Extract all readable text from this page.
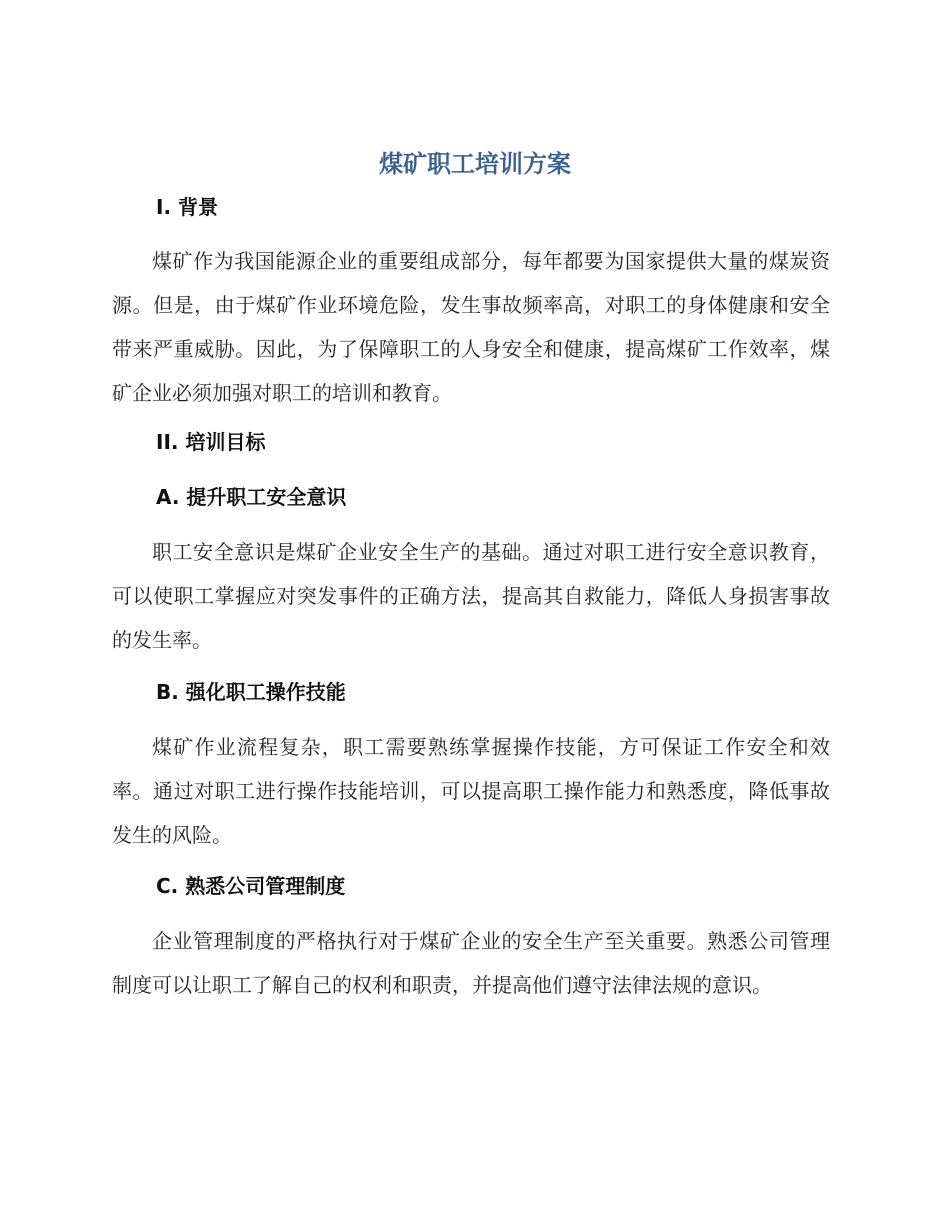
煤矿职工培训方案
I. 背景
煤矿作为我国能源企业的重要组成部分，每年都要为国家提供大量的煤炭资源。但是，由于煤矿作业环境危险，发生事故频率高，对职工的身体健康和安全带来严重威胁。因此，为了保障职工的人身安全和健康，提高煤矿工作效率，煤矿企业必须加强对职工的培训和教育。
II. 培训目标
A. 提升职工安全意识
职工安全意识是煤矿企业安全生产的基础。通过对职工进行安全意识教育，可以使职工掌握应对突发事件的正确方法，提高其自救能力，降低人身损害事故的发生率。
B. 强化职工操作技能
煤矿作业流程复杂，职工需要熟练掌握操作技能，方可保证工作安全和效率。通过对职工进行操作技能培训，可以提高职工操作能力和熟悉度，降低事故发生的风险。
C. 熟悉公司管理制度
企业管理制度的严格执行对于煤矿企业的安全生产至关重要。熟悉公司管理制度可以让职工了解自己的权利和职责，并提高他们遵守法律法规的意识。
